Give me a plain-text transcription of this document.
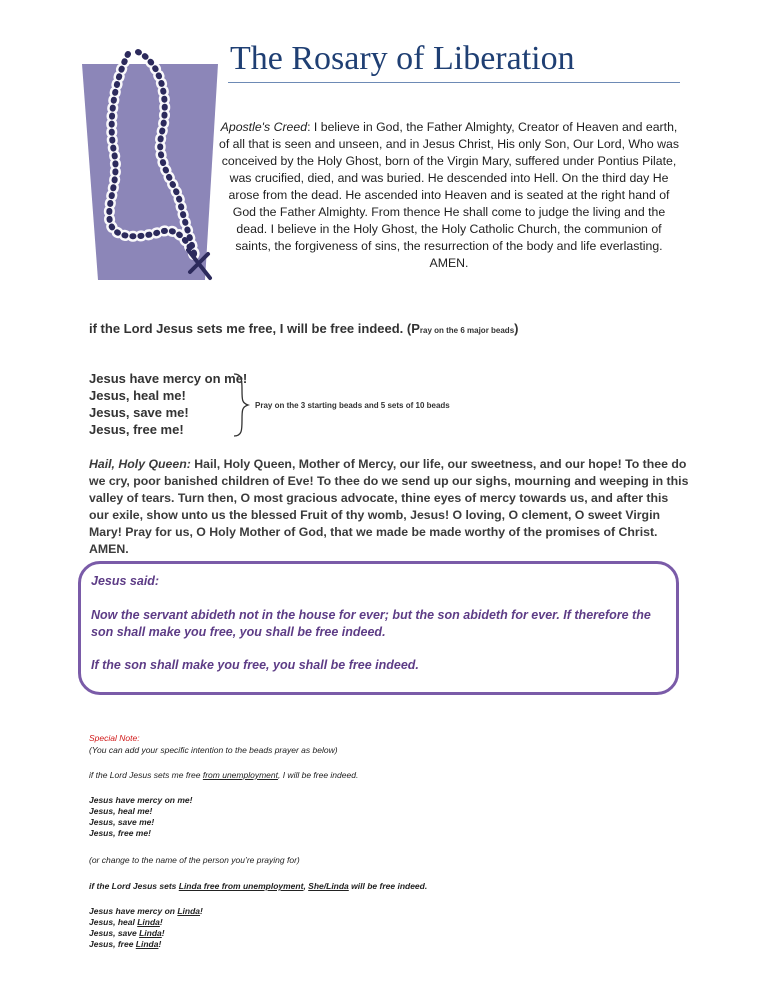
The Rosary of Liberation
Apostle's Creed: I believe in God, the Father Almighty, Creator of Heaven and earth, of all that is seen and unseen, and in Jesus Christ, His only Son, Our Lord, Who was conceived by the Holy Ghost, born of the Virgin Mary, suffered under Pontius Pilate, was crucified, died, and was buried. He descended into Hell. On the third day He arose from the dead. He ascended into Heaven and is seated at the right hand of God the Father Almighty. From thence He shall come to judge the living and the dead. I believe in the Holy Ghost, the Holy Catholic Church, the communion of saints, the forgiveness of sins, the resurrection of the body and life everlasting. AMEN.
if the Lord Jesus sets me free, I will be free indeed. (Pray on the 6 major beads)
Jesus have mercy on me!
Jesus, heal me!
Jesus, save me!
Jesus, free me!
Pray on the 3 starting beads and 5 sets of 10 beads
Hail, Holy Queen: Hail, Holy Queen, Mother of Mercy, our life, our sweetness, and our hope! To thee do we cry, poor banished children of Eve! To thee do we send up our sighs, mourning and weeping in this valley of tears. Turn then, O most gracious advocate, thine eyes of mercy towards us, and after this our exile, show unto us the blessed Fruit of thy womb, Jesus! O loving, O clement, O sweet Virgin Mary! Pray for us, O Holy Mother of God, that we made be made worthy of the promises of Christ. AMEN.
Jesus said:
Now the servant abideth not in the house for ever; but the son abideth for ever. If therefore the son shall make you free, you shall be free indeed.
If the son shall make you free, you shall be free indeed.
Special Note:
(You can add your specific intention to the beads prayer as below)
if the Lord Jesus sets me free from unemployment, I will be free indeed.
Jesus have mercy on me!
Jesus, heal me!
Jesus, save me!
Jesus, free me!
(or change to the name of the person you’re praying for)
if the Lord Jesus sets Linda free from unemployment, She/Linda will be free indeed.
Jesus have mercy on Linda!
Jesus, heal Linda!
Jesus, save Linda!
Jesus, free Linda!
